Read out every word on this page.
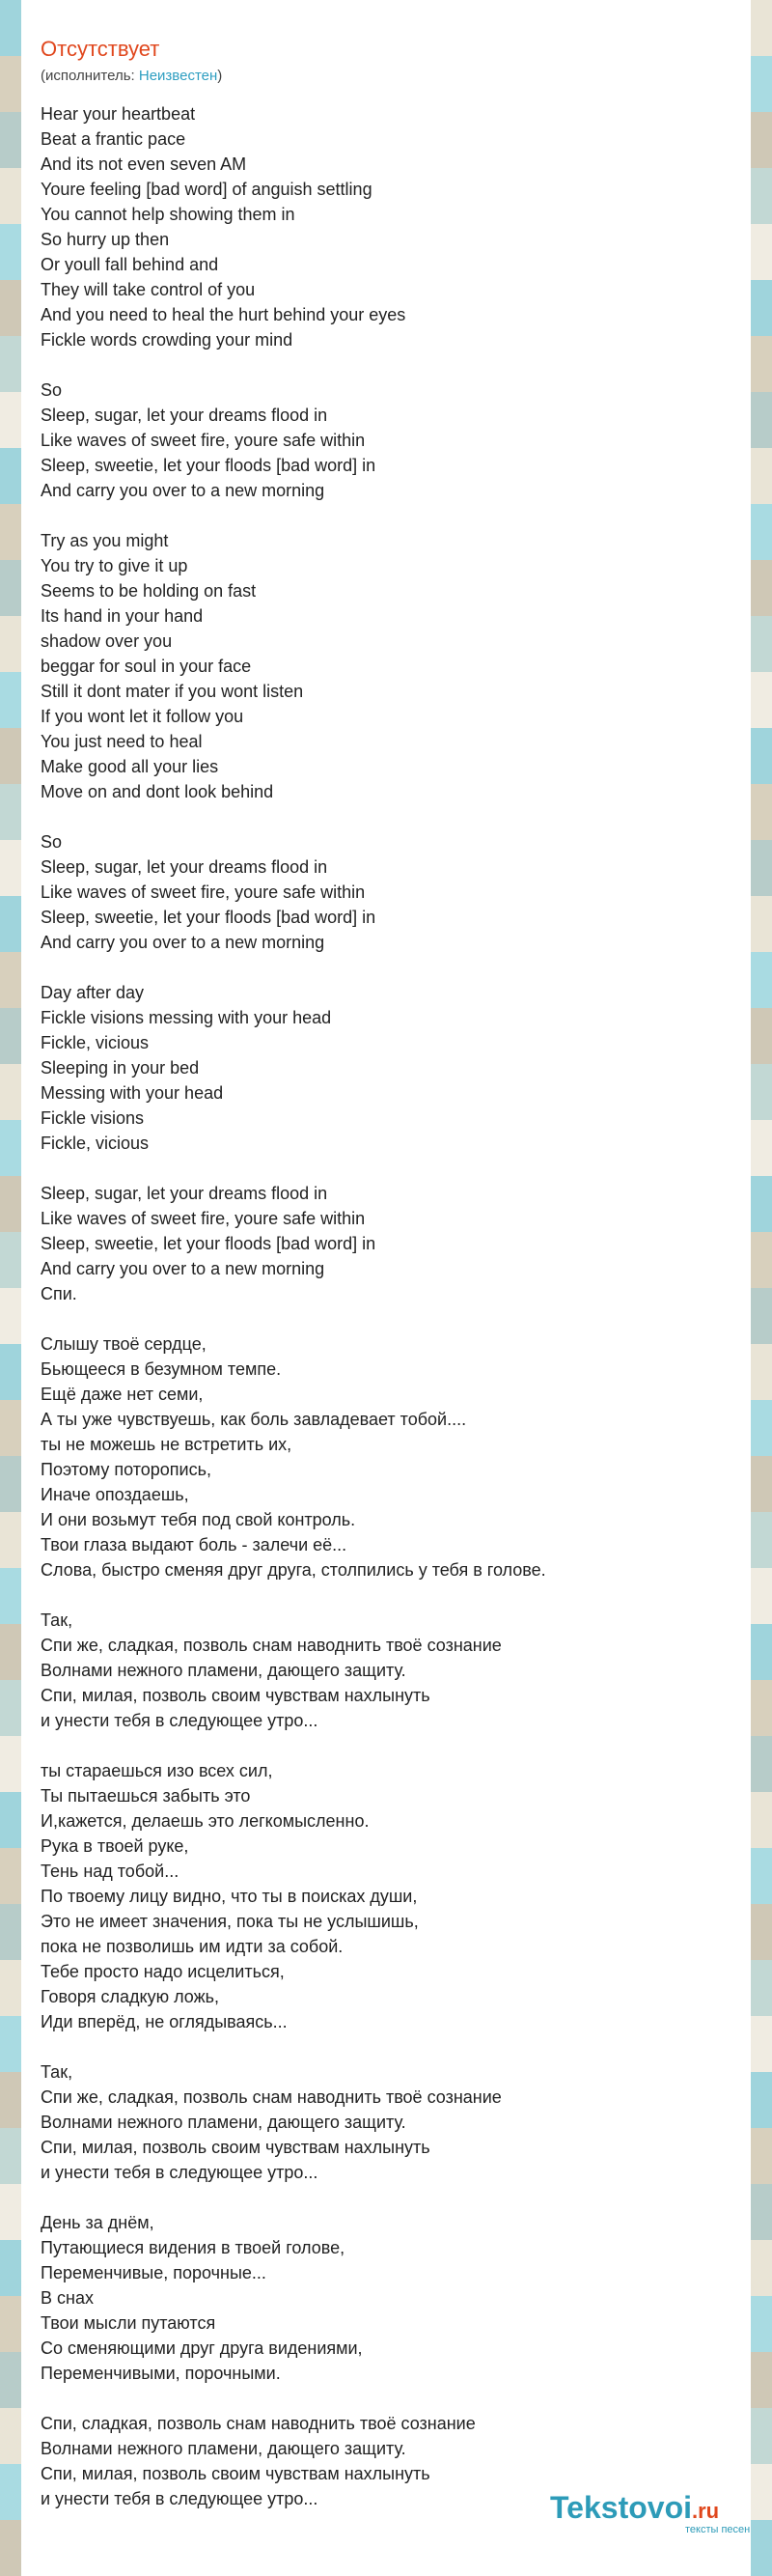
Отсутствует
(исполнитель: Неизвестен)
Hear your heartbeat
Beat a frantic pace
And its not even seven AM
Youre feeling [bad word] of anguish settling
You cannot help showing them in
So hurry up then
Or youll fall behind and
They will take control of you
And you need to heal the hurt behind your eyes
Fickle words crowding your mind
So
Sleep, sugar, let your dreams flood in
Like waves of sweet fire, youre safe within
Sleep, sweetie, let your floods [bad word] in
And carry you over to a new morning
Try as you might
You try to give it up
Seems to be holding on fast
Its hand in your hand
shadow over you
beggar for soul in your face
Still it dont mater if you wont listen
If you wont let it follow you
You just need to heal
Make good all your lies
Move on and dont look behind
So
Sleep, sugar, let your dreams flood in
Like waves of sweet fire, youre safe within
Sleep, sweetie, let your floods [bad word] in
And carry you over to a new morning
Day after day
Fickle visions messing with your head
Fickle, vicious
Sleeping in your bed
Messing with your head
Fickle visions
Fickle, vicious
Sleep, sugar, let your dreams flood in
Like waves of sweet fire, youre safe within
Sleep, sweetie, let your floods [bad word] in
And carry you over to a new morning
Спи.
Слышу твоё сердце,
Бьющееся в безумном темпе.
Ещё даже нет семи,
А ты уже чувствуешь, как боль завладевает тобой....
ты не можешь не встретить их,
Поэтому поторопись,
Иначе опоздаешь,
И они возьмут тебя под свой контроль.
Твои глаза выдают боль - залечи её...
Слова, быстро сменяя друг друга, столпились у тебя в голове.
Так,
Спи же, сладкая, позволь снам наводнить твоё сознание
Волнами нежного пламени, дающего защиту.
Спи, милая, позволь своим чувствам нахлынуть
и унести тебя в следующее утро...
ты стараешься изо всех сил,
Ты пытаешься забыть это
И,кажется, делаешь это легкомысленно.
Рука в твоей руке,
Тень над тобой...
По твоему лицу видно, что ты в поисках души,
Это не имеет значения, пока ты не услышишь,
пока не позволишь им идти за собой.
Тебе просто надо исцелиться,
Говоря сладкую ложь,
Иди вперёд, не оглядываясь...
Так,
Спи же, сладкая, позволь снам наводнить твоё сознание
Волнами нежного пламени, дающего защиту.
Спи, милая, позволь своим чувствам нахлынуть
и унести тебя в следующее утро...
День за днём,
Путающиеся видения в твоей голове,
Переменчивые, порочные...
В снах
Твои мысли путаются
Со сменяющими друг друга видениями,
Переменчивыми, порочными.
Спи, сладкая, позволь снам наводнить твоё сознание
Волнами нежного пламени, дающего защиту.
Спи, милая, позволь своим чувствам нахлынуть
и унести тебя в следующее утро...	Tekstovoi.ru
тексты песен
